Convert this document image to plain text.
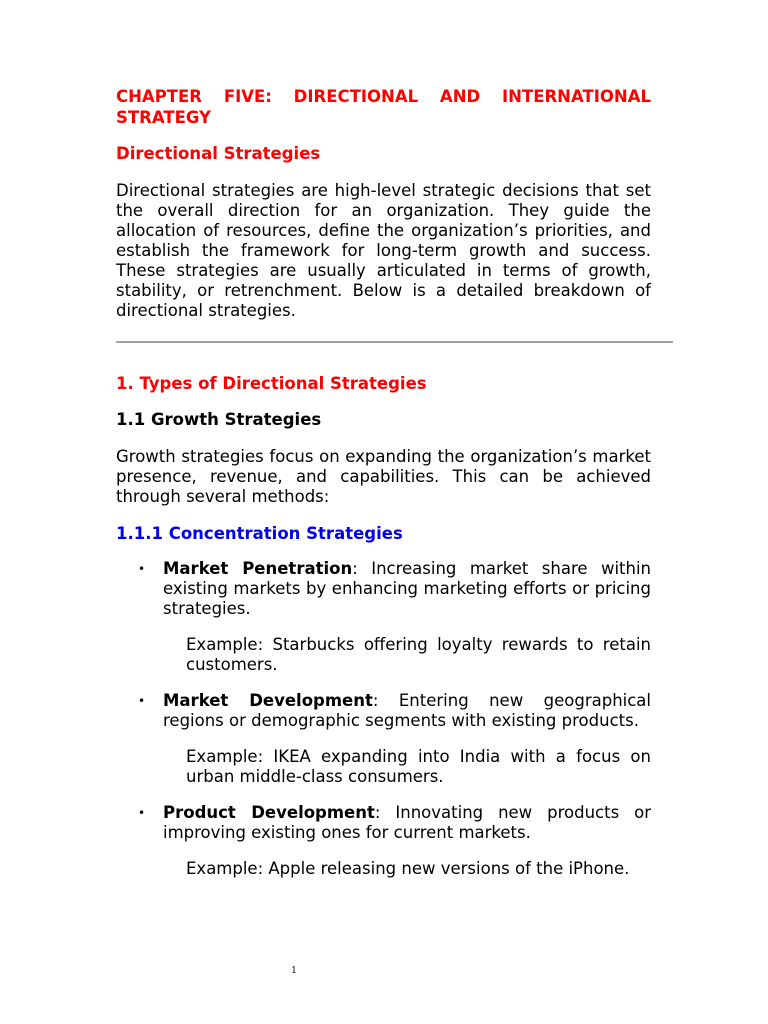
CHAPTER FIVE: DIRECTIONAL AND INTERNATIONAL STRATEGY
Directional Strategies

Directional strategies are high-level strategic decisions that set the overall direction for an organization. They guide the allocation of resources, define the organization’s priorities, and establish the framework for long-term growth and success. These strategies are usually articulated in terms of growth, stability, or retrenchment. Below is a detailed breakdown of directional strategies.

1. Types of Directional Strategies
1.1 Growth Strategies

Growth strategies focus on expanding the organization’s market presence, revenue, and capabilities. This can be achieved through several methods:

1.1.1 Concentration Strategies
• Market Penetration: Increasing market share within existing markets by enhancing marketing efforts or pricing strategies.

Example: Starbucks offering loyalty rewards to retain customers.

• Market Development: Entering new geographical regions or demographic segments with existing products.

Example: IKEA expanding into India with a focus on urban middle-class consumers.

• Product Development: Innovating new products or improving existing ones for current markets.

Example: Apple releasing new versions of the iPhone.

1
